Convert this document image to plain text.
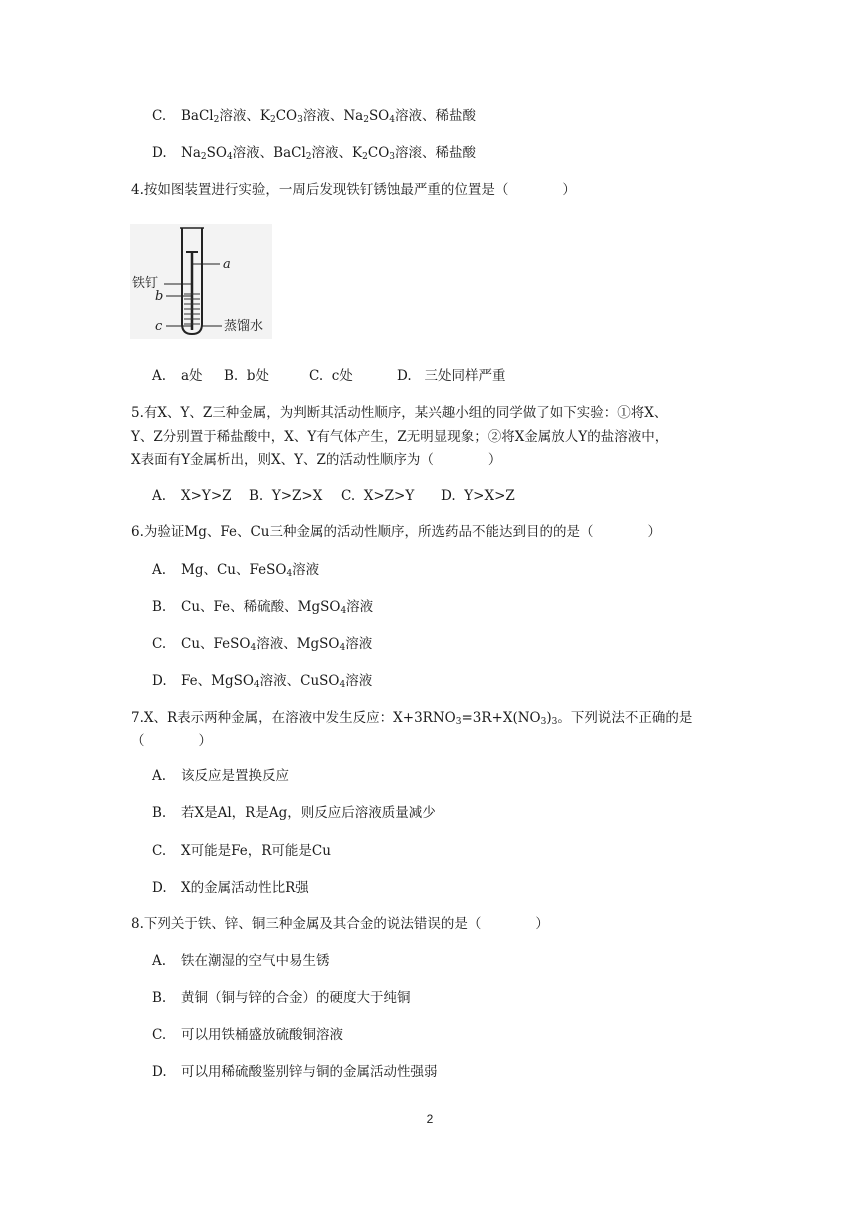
C. BaCl$_2$溶液、$K_2CO_3$溶液、$Na_2SO_4$溶液、稀盐酸
D. $Na_2SO_4$溶液、BaCl$_2$溶液、$K_2CO_3$溶滚、稀盐酸
4.按如图装置进行实验，一周后发现铁钉锈蚀最严重的位置是（　　　　）
a
铁钉
b
c	蒸馏水
A. a处 B. b处	C. c处	D. 三处同样严重
5.有X、Y、Z三种金属，为判断其活动性顺序，某兴趣小组的同学做了如下实验：①将X、
Y、Z分别置于稀盐酸中，X、Y有气体产生，Z无明显现象；②将X金属放人Y的盐溶液中，
X表面有Y金属析出，则X、Y、Z的活动性顺序为（　　　　）
A. X>Y>Z B. Y>Z>X C. X>Z>Y D. Y>X>Z
6.为验证Mg、Fe、Cu三种金属的活动性顺序，所选药品不能达到目的的是（　　　　）
A. Mg、Cu、FeSO$_4$溶液
B. Cu、Fe、稀硫酸、MgSO$_4$溶液
C. Cu、FeSO$_4$溶液、MgSO$_4$溶液
D. Fe、MgSO$_4$溶液、CuSO$_4$溶液
7.X、R表示两种金属，在溶液中发生反应：$X+3RNO_3=3R+X(NO_3)_3$。下列说法不正确的是
（　　　　）
A. 该反应是置换反应
B. 若X是Al，R是Ag，则反应后溶液质量减少
C. X可能是Fe，R可能是Cu
D. X的金属活动性比R强
8.下列关于铁、锌、铜三种金属及其合金的说法错误的是（　　　　）
A. 铁在潮湿的空气中易生锈
B. 黄铜（铜与锌的合金）的硬度大于纯铜
C. 可以用铁桶盛放硫酸铜溶液
D. 可以用稀硫酸鉴别锌与铜的金属活动性强弱
2
